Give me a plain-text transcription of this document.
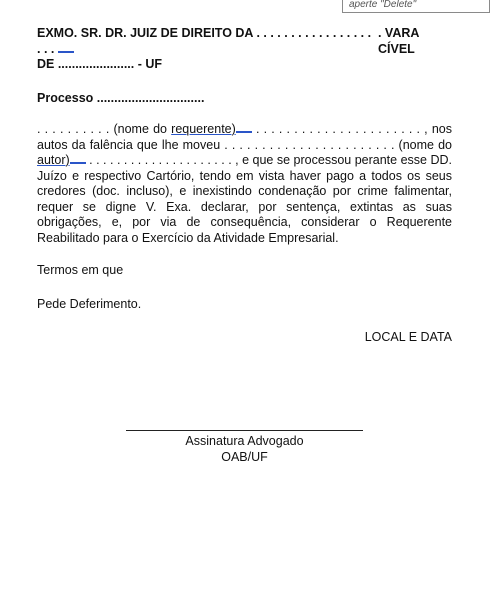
aperte "Delete"
EXMO. SR. DR. JUIZ DE DIREITO DA . . . . . . . . . . . . . . . . . . . .
. VARA CÍVEL
DE ...................... - UF

Processo ...............................

. . . . . . . . . . (nome do requerente) . . . . . . . . . . . . . . . . . . . . . . , nos autos da falência que lhe moveu . . . . . . . . . . . . . . . . . . . . . . . (nome do autor) . . . . . . . . . . . . . . . . . . . . . , e que se processou perante esse DD. Juízo e respectivo Cartório, tendo em vista haver pago a todos os seus credores (doc. incluso), e inexistindo condenação por crime falimentar, requer se digne V. Exa. declarar, por sentença, extintas as suas obrigações, e, por via de consequência, considerar o Requerente Reabilitado para o Exercício da Atividade Empresarial.

Termos em que

Pede Deferimento.

LOCAL E DATA

Assinatura Advogado
OAB/UF
